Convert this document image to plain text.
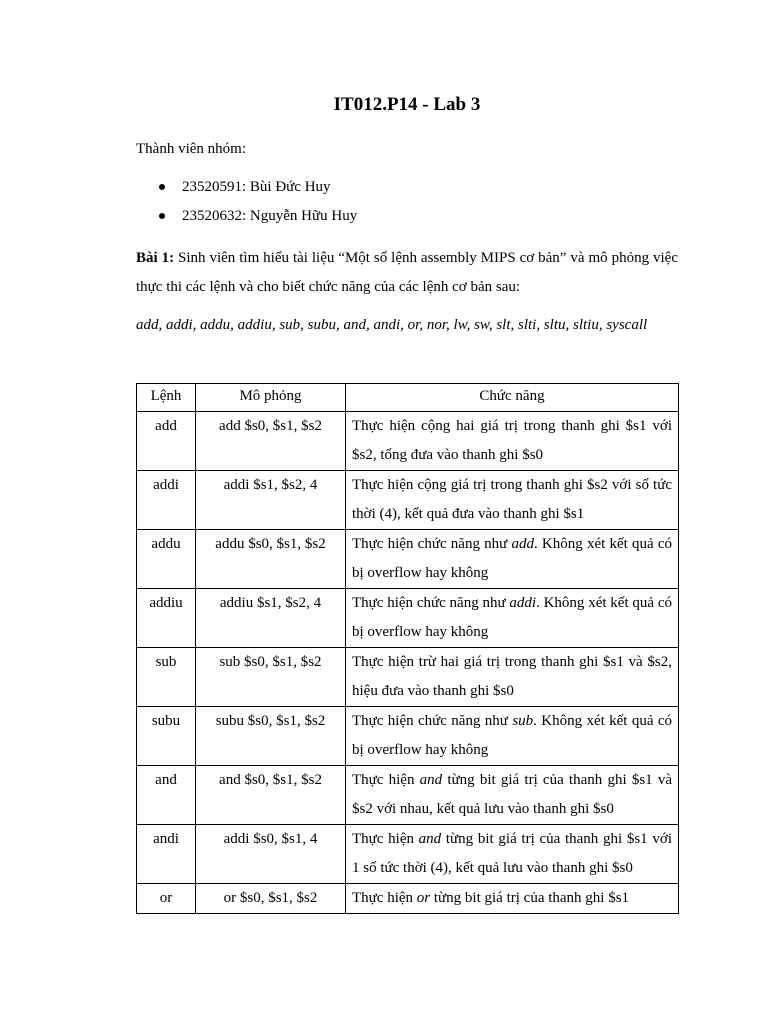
IT012.P14 - Lab 3
Thành viên nhóm:
23520591: Bùi Đức Huy
23520632: Nguyễn Hữu Huy
Bài 1: Sinh viên tìm hiểu tài liệu “Một số lệnh assembly MIPS cơ bản” và mô phỏng việc thực thi các lệnh và cho biết chức năng của các lệnh cơ bản sau:
add, addi, addu, addiu, sub, subu, and, andi, or, nor, lw, sw, slt, slti, sltu, sltiu, syscall
Lệnh	Mô phỏng	Chức năng
add	add $s0, $s1, $s2	Thực hiện cộng hai giá trị trong thanh ghi $s1 với $s2, tổng đưa vào thanh ghi $s0
addi	addi $s1, $s2, 4	Thực hiện cộng giá trị trong thanh ghi $s2 với số tức thời (4), kết quả đưa vào thanh ghi $s1
addu	addu $s0, $s1, $s2	Thực hiện chức năng như add. Không xét kết quả có bị overflow hay không
addiu	addiu $s1, $s2, 4	Thực hiện chức năng như addi. Không xét kết quả có bị overflow hay không
sub	sub $s0, $s1, $s2	Thực hiện trừ hai giá trị trong thanh ghi $s1 và $s2, hiệu đưa vào thanh ghi $s0
subu	subu $s0, $s1, $s2	Thực hiện chức năng như sub. Không xét kết quả có bị overflow hay không
and	and $s0, $s1, $s2	Thực hiện and từng bit giá trị của thanh ghi $s1 và $s2 với nhau, kết quả lưu vào thanh ghi $s0
andi	addi $s0, $s1, 4	Thực hiện and từng bit giá trị của thanh ghi $s1 với 1 số tức thời (4), kết quả lưu vào thanh ghi $s0
or	or $s0, $s1, $s2	Thực hiện or từng bit giá trị của thanh ghi $s1
